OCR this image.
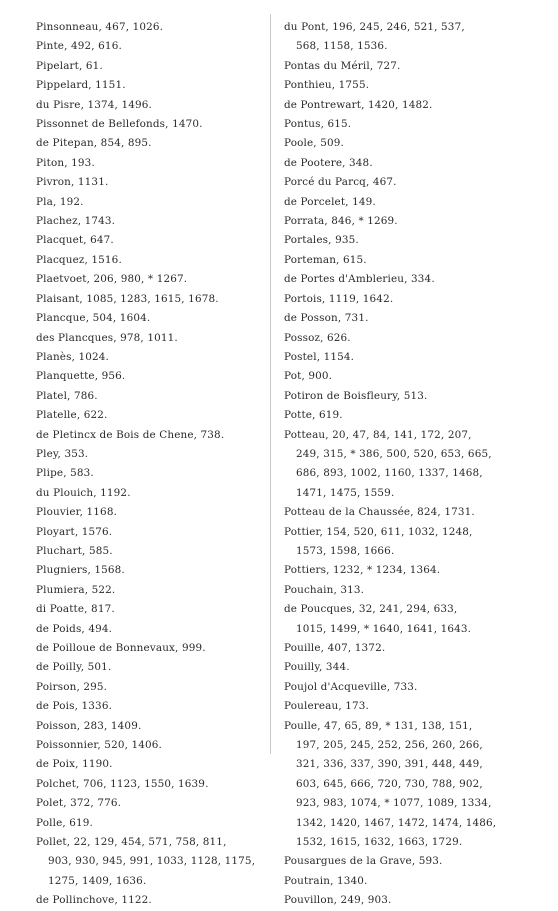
Pinsonneau, 467, 1026.
Pinte, 492, 616.
Pipelart, 61.
Pippelard, 1151.
du Pisre, 1374, 1496.
Pissonnet de Bellefonds, 1470.
de Pitepan, 854, 895.
Piton, 193.
Pivron, 1131.
Pla, 192.
Plachez, 1743.
Placquet, 647.
Placquez, 1516.
Plaetvoet, 206, 980, * 1267.
Plaisant, 1085, 1283, 1615, 1678.
Plancque, 504, 1604.
des Plancques, 978, 1011.
Planès, 1024.
Planquette, 956.
Platel, 786.
Platelle, 622.
de Pletincx de Bois de Chene, 738.
Pley, 353.
Plipe, 583.
du Plouich, 1192.
Plouvier, 1168.
Ployart, 1576.
Pluchart, 585.
Plugniers, 1568.
Plumiera, 522.
di Poatte, 817.
de Poids, 494.
de Poilloue de Bonnevaux, 999.
de Poilly, 501.
Poirson, 295.
de Pois, 1336.
Poisson, 283, 1409.
Poissonnier, 520, 1406.
de Poix, 1190.
Polchet, 706, 1123, 1550, 1639.
Polet, 372, 776.
Polle, 619.
Pollet, 22, 129, 454, 571, 758, 811,
903, 930, 945, 991, 1033, 1128, 1175,
1275, 1409, 1636.
de Pollinchove, 1122.
du Pont, 196, 245, 246, 521, 537,
568, 1158, 1536.
Pontas du Méril, 727.
Ponthieu, 1755.
de Pontrewart, 1420, 1482.
Pontus, 615.
Poole, 509.
de Pootere, 348.
Porcé du Parcq, 467.
de Porcelet, 149.
Porrata, 846, * 1269.
Portales, 935.
Porteman, 615.
de Portes d'Amblerieu, 334.
Portois, 1119, 1642.
de Posson, 731.
Possoz, 626.
Postel, 1154.
Pot, 900.
Potiron de Boisfleury, 513.
Potte, 619.
Potteau, 20, 47, 84, 141, 172, 207,
249, 315, * 386, 500, 520, 653, 665,
686, 893, 1002, 1160, 1337, 1468,
1471, 1475, 1559.
Potteau de la Chaussée, 824, 1731.
Pottier, 154, 520, 611, 1032, 1248,
1573, 1598, 1666.
Pottiers, 1232, * 1234, 1364.
Pouchain, 313.
de Poucques, 32, 241, 294, 633,
1015, 1499, * 1640, 1641, 1643.
Pouille, 407, 1372.
Pouilly, 344.
Poujol d'Acqueville, 733.
Poulereau, 173.
Poulle, 47, 65, 89, * 131, 138, 151,
197, 205, 245, 252, 256, 260, 266,
321, 336, 337, 390, 391, 448, 449,
603, 645, 666, 720, 730, 788, 902,
923, 983, 1074, * 1077, 1089, 1334,
1342, 1420, 1467, 1472, 1474, 1486,
1532, 1615, 1632, 1663, 1729.
Pousargues de la Grave, 593.
Poutrain, 1340.
Pouvillon, 249, 903.
